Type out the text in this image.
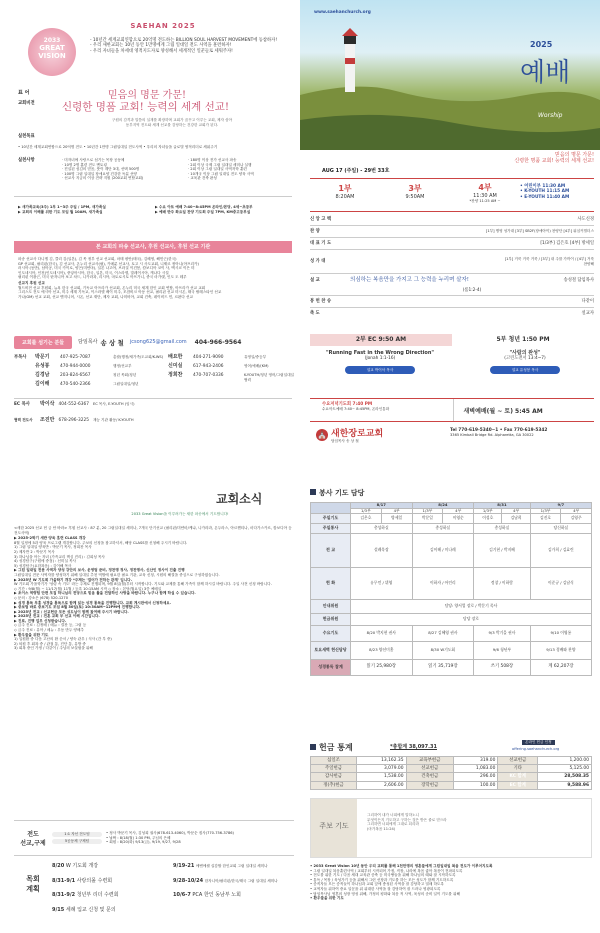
2033
GREAT
VISION
SAEHAN 2025
- 10년간 세계교회연합으로 20억명 전도하는 BILLION SOUL HARVEST MOVEMENT에 동참하자!
- 우리 새한교회는 10년 동안 1만명에게 그림 일대일 전도 사역을 훈련하자!
- 우리 자녀들을 차세대 영적지도자로 양성해서 세계적인 일꾼들로 세워주자!
표 어
교회비전
믿음의 명문 가문!
신령한 명품 교회! 능력의 세계 선교!
구원의 감격과 말씀의 실재를 확장하며 교회가 꿈꾸고 이루는 교회, 제자 삼아
동부지역 전도와 세계 선교를 감당하는 건강한 교회가 된다.
실천목표
• 10년간 세계교회연합으로 20억명 전도 • 10년간 1만명 그림일대일 전도사역 • 우리의 자녀들을 글로벌 영적리더로 세워주기
실천사항	· 미자녀에 사랑으로 섬기는 목장 공동체
· 10명 2명 훈련 전도 멘토링
· 진실된 섬김의 믿음, 뜻이 계단 3대, 선택 500명
· 100명 그림 일대일 장애요양 건강한 독분 선양
· 선교사 지금의 이상 전략 지원 (200교회 연합교회)
· 180명 이상 전가 선교사 파송
· 2회 이상 국제 그림 일대일 세미나 실행
· 2회 이상 그림 일대일 사역자학 훈련
· 10개국 이상 그림 일대일 전도 양육 사역
· 교육관 건축 완성
▶ 새가족교육(3주) 1부 1~3주 주일 / 1PM, 새가족실
▶ 교회의 이해를 위한 기도 모임 월 10AM, 새가족실
▶ 수요 아트 예배 7:40~8:45PM 온라인/본당, 4세~초등부
▶ 예배 반주 화요일 찬양 기도회 주일 7PM, KM중고등부실
본 교회의 파송 선교사, 후원 선교사, 후원 선교 기관
파송 선교사 다니엘 김, 클리 김(일본), 김 목 정부 선교 선교회, 마태 평안(태국), 김혜영, 해민근(한국)
GP 선교회, 필리핀(한국), 김 선교사, 온누리 선교사(필), 카메룬 선교사, 토고 시 사도교회, 니제르 정아니(아프리카)
러시아 (동만), 남아공, 미국 카이로, 양곤(미얀마), 일본 나고야, 브라질 이건봉, 캄보디아 코이 사, 멕시코 이은 미
인도네시아, 인천(인도네시아), 중앙아시아, 한국, 일본, 미국, 이스라엘, 말레이시아, 캐나다 시설
필리핀 이광근, 미국 탄자니아 보고 차드, 니카라과, 리시아, 마토로시토 아프가니, 중국 마가렛, 인도 도 테루
선교지 후원 선교
월드비전 선교 후원회, 뉴욕 한국 선교회, 기독교 아프리카 선교회, 온누리 미국 세계 한인 교회 연합, 아프리카 선교 교회
그리스도 전도 에시아 선교, 미주 세계 기독교, 이스라엘 베이 미주, 모잠비크 아동 선교, 필리핀 선교 미시온, 태국 팔레스타인 선교
가나(GM) 선교 교회, 선교 엔지니어, 시온, 선교 재단, 제자 교회, 나미비아, 교회 건축, 데이비드 민, 르완다 선교
교회를 섬기는 분들	담임목사 송 상 철 jcsong625@gmail.com 404-966-9564
부목사	박문기	407-925-7087	총괄(행정/새가족/도교회/K-WS)
유성봉	470-944-0000	행정/선교부
김경남	203-824-6567	청년 목회/청년
김이해	470-540-2366	그림일대일/청년
배요한	404-271-9090	유영일/중등부
신미실	617-943-2406	영어/예배/(KM)
정희찬	470-707-0336	K-YOUTH/청년 영어/그림일대일 협력
EC 목사	박이삭 404-552-6367 EC 목사, E-YOUTH (임시)
협력 전도사	조진만 678-296-3225 재능 기관 활동/ K-YOUTH
www.saehanchurch.org
2025
예배
Worship
AUG 17 (주일) - 29번 33호
믿음의 명문 가문!
신령한 명품 교회! 능력의 세계 선교!
1부
8:20AM
3부
9:50AM
4부
11:30 AM
*찬양 11:25 AM ~
• 어린이부 11:30 AM
• K-YOUTH 11:15 AM
• E-YOUTH 11:40 AM
신 앙 고 백	사도신경
찬 양	[1부] 병영 성가대 [3부] SB2F(장애아이) 찬양단 [4부] 워십커벌더스
대 표 기 도	[1/3부] 김은호 [4부] 방세일
성 가 대	[1부] 거룩 거룩 거룩 / [3부] 내 주를 가까이 / [4부] 거룩 찬양해
설 교	의심하는 복음만을 가지고 그 능력을 누리며 살자!	송성철 담임목사
(롬1:2-4)
봉 헌 찬 송	다같이
축 도	설교자
2부 EC 9:50 AM	5부 청년 1:50 PM
"Running Fast in the Wrong Direction"
(Jonah 1:1-16)
설교 박이삭 목사
"사람의 완성"
(고린도전서 13:4~7)
설교 유성봉 목사
수요저녁기도회 7:40 PM
수요아트예배 7:40~ 8:45PM, 온라인통화	새벽예배(월 ~ 토) 5:45 AM
⛪ 새한장로교회
담임목사 송 상 철
Tel 770-619-5340~1 • Fax 770-619-5342
3365 Kimball Bridge Rd. Alpharetta, GA 30022
교회소식
2033 Great Vision을 이루려가는 새한 파송에서 기도합니다!
<새한 2025 선교 헌 금 안 바라> 후원 선교사 : 87 분, 20 그림일대일 세미나, 7개국 단기선교 (필리핀/미얀마/케냐, 니카라과, 온두라스, 아르헨티나, 마다가스카르, 캄보디아 등 전도사역)
▶ 2025-2학기 새반 양육 훈련 CLASS 개강
8월 일정에 5과 양육 프로그램 개강합니다. 주보의 신청을 참고하셔서, 해당 CLASS를 신청해 주시기 바랍니다.
1) 그림 일대일 양육반 : 박문기 목사, 정희찬 목사
2) 제자반 2 : 박문기 목사
3) 하나님을 아는 자녀 (가족교리 핵심 진리) : 김희성 목사
4) 성경탐구(구원에 중점) : 신미실 목사
5) 성경탐구(요한복음) : 김이해 목사
▶ 그림 일대일 전문 사역자 양성 강단의 보사, 운영팀 준비, 정찬명 정사, 정찬명사, 신산인 정사이 진출 진행
그림일대일 전문 사역자를 양성하기 위해 일대일 추천 역할에 필요한 필요 기관, 교육 신청, 시원의 해결을 중심으로 구성하였습니다.
▶ 2025년 W 기도회 가을학기 개강 *주제는 '걸어가 전하는 관계' 입니다.
W 기도회 가을학기가 '성령 속 기도' 라는 주제로 진행되며, 9월 8일(월)부터 시작합니다. 기도와 교제를 통해 가족이 함께 하시길 바랍니다. 주일 사전 신청 바랍니다.
◇ 기간 : 9/8(월) ~ 11/17(월) 11월 / 등록 10:15AM 시작 ◇ 장소 : 본당(월요일) 3층 예배실
▶ 초이스 역량팀 단편 모집 하니님의 전당으로 믿음 틀을 전달하신 사랑을 바랍니다. 누구나 함께 하실 수 있습니다.
◇ 문의 : 강소은 (678) 520-1270
▶ 성경 통독 부흥 성경을 통독으로 함께 읽는 성경 통독을 진행합니다. 교회 게시판에서 신청하세요.
▶ 중보팀 바로 중보기도 모임 8월 30일(토) 10:30AM~12PM에 진행합니다.
▶ 2025년 전교 / 선교헌금 모든 성도님이 함께 참여해 주시기 바랍니다.
▶ 2025년 전교 / 전혼 교회 부 선교 이해 시간입니다.
▶ 진료, 진행 업무 신청받습니다.
◇ 금주 진료 : 김정배 / 메뉴 : 결찬 등, 그림 등
◇ 금주 진료 : 유아 / 메뉴 : 우동 만두 양배추
▶ 환우들을 위한 기도
1) 입원환 중 다음 고난의 환 순서 / 양숙 관우 / 식사 (간 부 중)
2) 퇴원 후 회복 중 / 관절 통, 진단 통, 유방 중
3) 회복 중인 가정 / 다같이 / 주님의 보살핌을 위해
전도
선교,구제
1:1 자선 전도팀
5공동체 구제팀
• 정사 박문기 목사, 김성희 권사(678-613-4060), 박문순 집사(770-756-3786)
• 날짜 : 8/18(월) 1:30 PM, 주님의 은혜
• 회원 : 8/20(화) 9/13(금), 9/19, 9/27, 9/28
목회
계획
8/20 W 기도회 개강	9/19-21 에벤에셀 실감할 한인교회 그림 일대일 세미나
8/31-9/1 사랑의몰 수련회	9/28-10/24 한자니아/필리핀/한국/태국 그림 일대일 세미나
8/31-9/2 청년부 리더 수련회	10/6-7 PCA 한인 동남부 노회
9/15 세례 입교 신청 및 문의
봉사 기도 담당
	8/17		8/24		8/31		9/7	
	1/3부	4부	1/3부	4부	1/3부	4부	1/3부	4부
주일기도	김은호	방세일	박문일	이영순	이성호	김남희	김진호	김영주
주일통사	총성하실		총성하실		총성하실		당신하실	
전 교	설레목장		김이해 / 미나레		김기현 / 박지혜		김가희 / 김효린	
헌 화	유무언 / 뷔영		이하자 / 아인리		정창 / 이하람		이준규 / 김남식	
안내위원	담당: 양서업 장로 / 박문기 목사							
헌금위원	담당 장로							
수요기도	8/20 박지현 권사		8/27 김혜영 권사		9/3 박기을 권사		9/10 이영롱	
토요새벽 헌신담당	8/23 양선미홈		8/30 W기도회		9/6 청년부		9/13 경배와 찬양	
성경통독 참계	읽기 25,980장		읽기 35,719장		쓰기 508장		계 62,207장	
헌금 통계	*총합계 38,097.31
온라인 헌금 인정
offering.saehanchurch.org
십일조	13,162.35	교육부헌금	319.00	선교헌금	1,200.00
주일헌금	3,079.00	선교헌금	1,083.00	기타	5,125.00
감사헌금	1,538.00	건축헌금	296.00	KC 합계	28,508.35
정(추)헌금	2,606.00	장학헌금	100.00	EC 합계	9,588.96
주보 기도
그리하여 내가 너희에게 말하노니
무엇이든지 기도하고 구하는 것은 받은 줄로 믿으라
그리하면 너희에게 그대로 되리라
(마가복음 11:24)
• 2033 Great Vision 10년 동안 우리 교회를 통해 1천만명의 영혼들에게 그림일대일 복음 전도가 이루어지도록
• 그림 일대일 복음훈련사역 / 교회부터 시작되어 가정, 직장, 나라에 복음 좋아 복음이 전파되도록
• 전도를 위한 기도 / 다음 세대 교육관 증축 등 미국땅들을 위해 하나님의 때와 잘 시작하도록
• 통독 / 목장 / 육성가기 등을 위해서 그런 선장과 기도를 하는 모든 성도가 함께 기도하도록
• 증직자들 모든 증직들이 하나님과 교회 앞에 충성된 사역을 잘 감당하고 열매 하도록
• 교역자들 위하여 중요 일꾼을 위 위대한 사역을 잘 감당하여 잘 드러나 영광되도록
• 담임목사님 영혼의 성장 영성 위해, 가정의 평화와 복음 적 사역, 육성의 준비 일이 기도를 위해
• 환우들을 위한 기도
